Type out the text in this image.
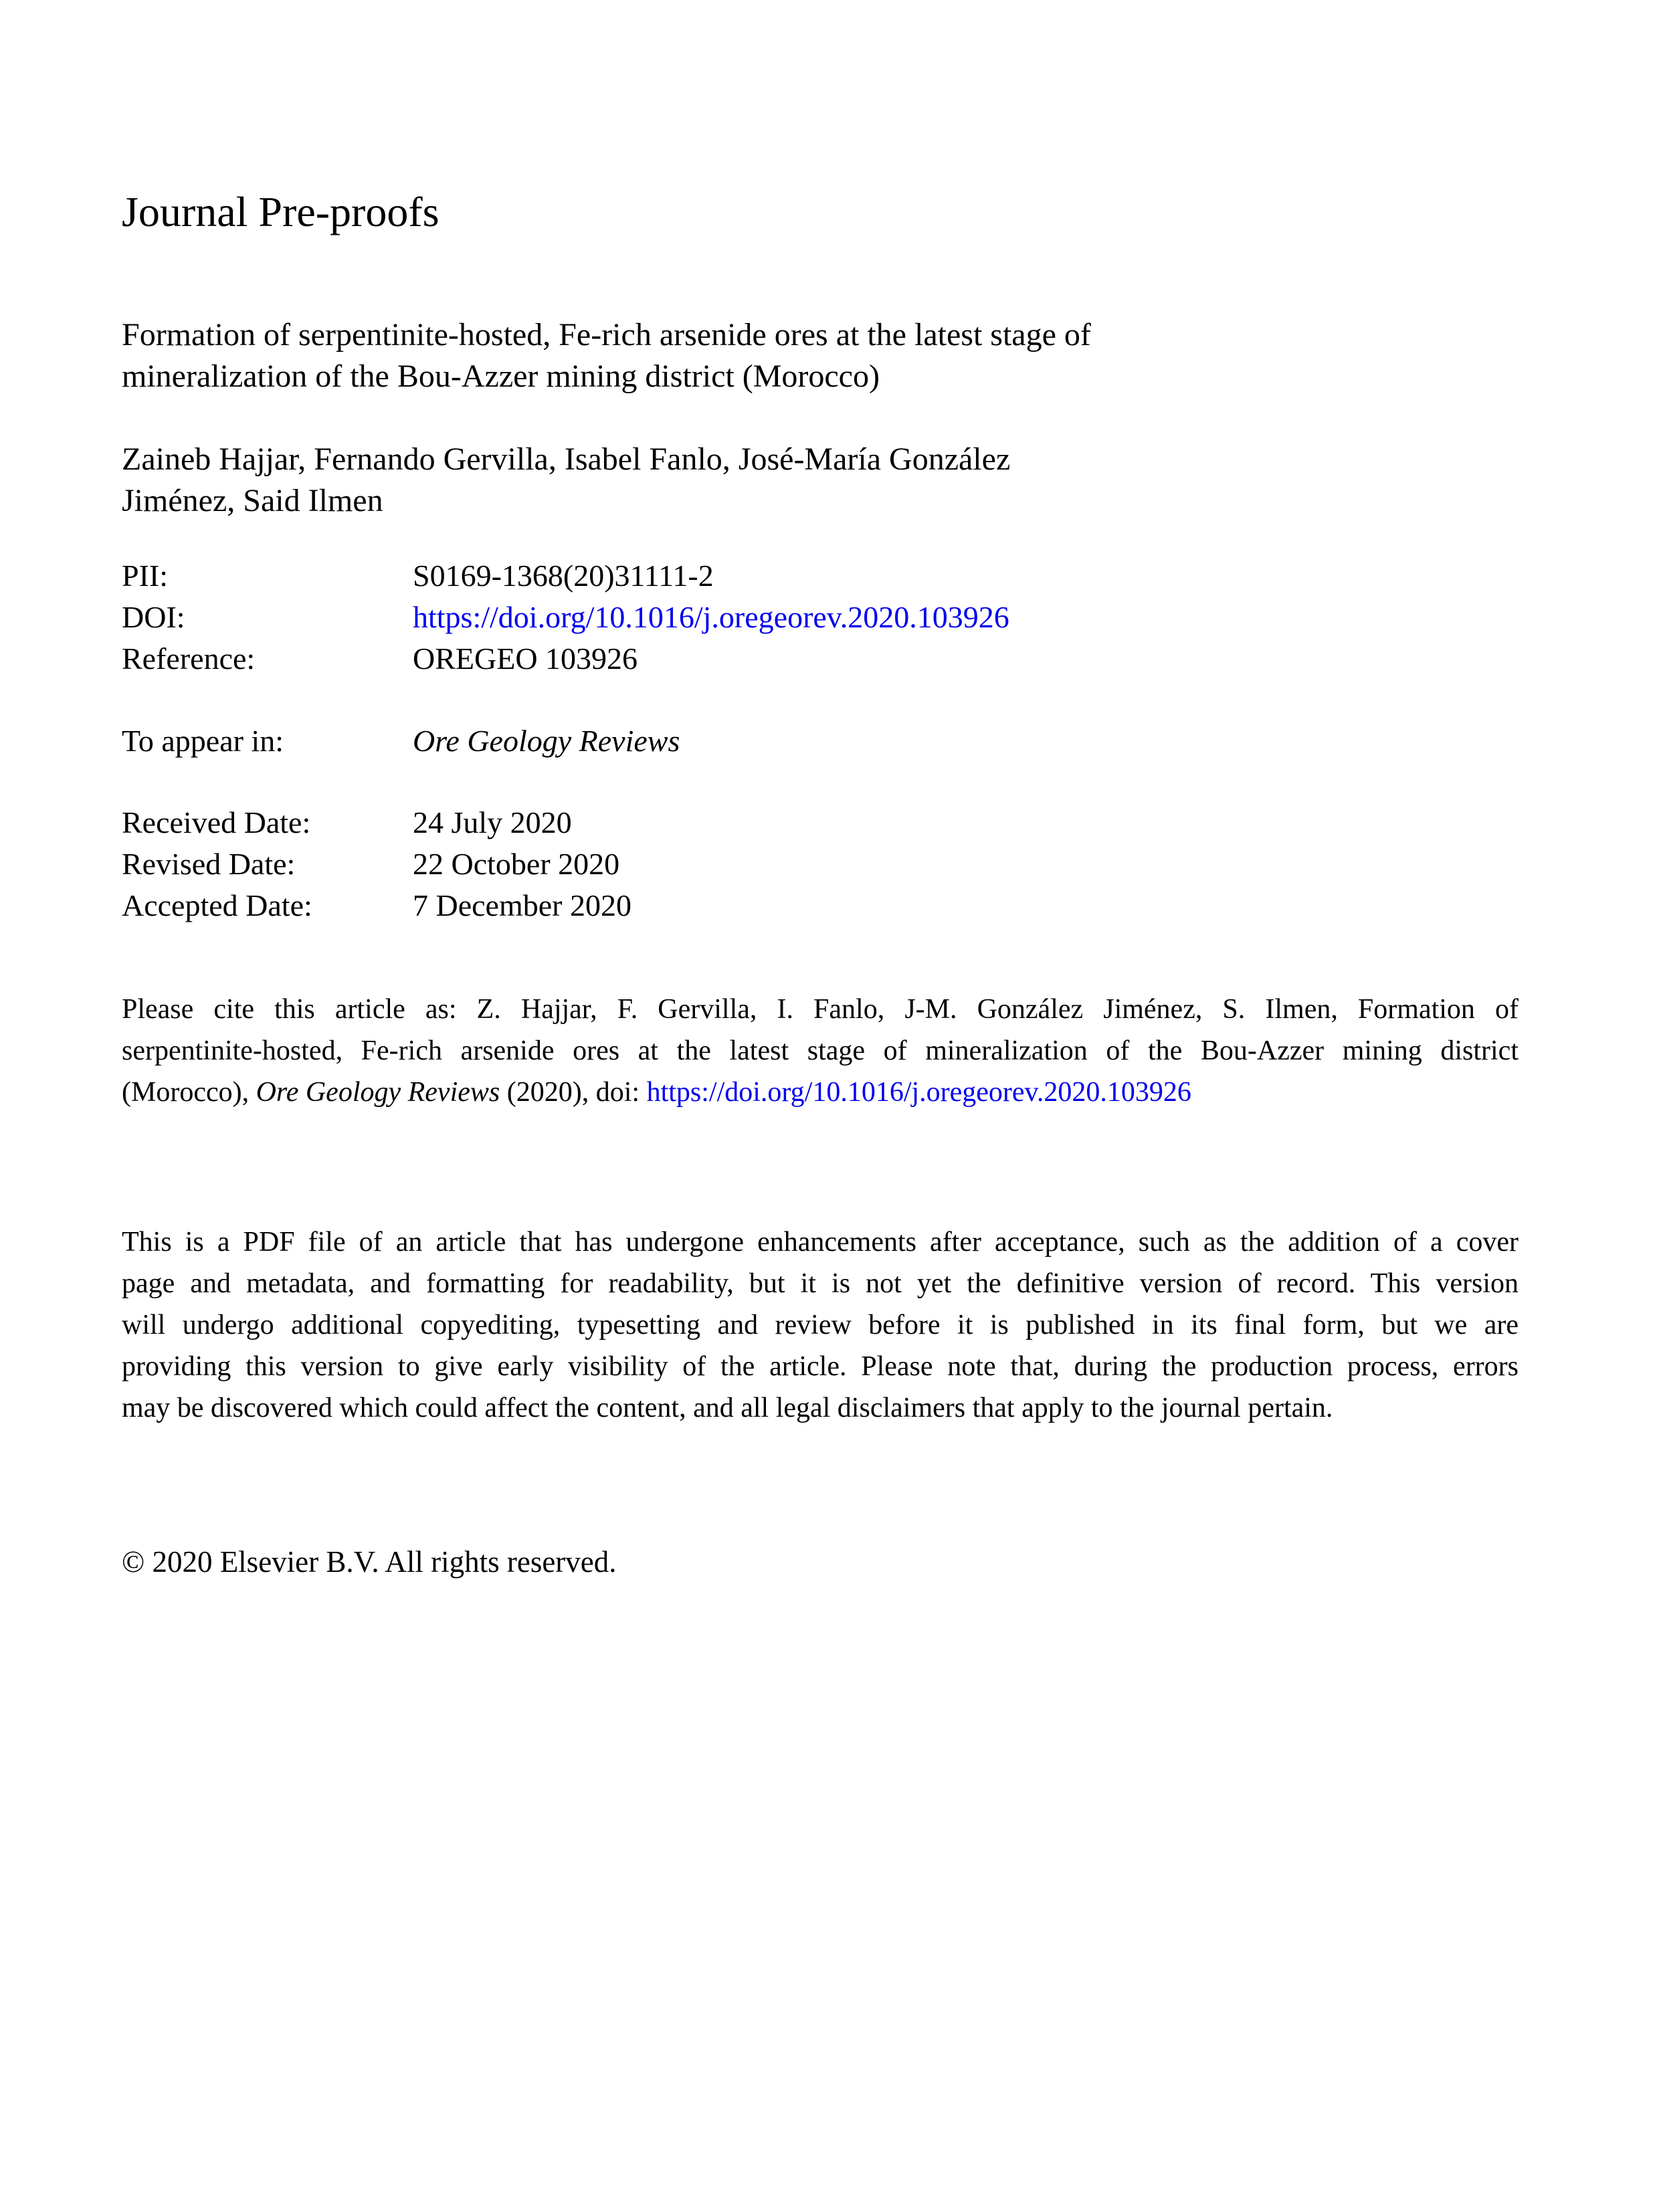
Journal Pre-proofs
Formation of serpentinite-hosted, Fe-rich arsenide ores at the latest stage of
mineralization of the Bou-Azzer mining district (Morocco)
Zaineb Hajjar, Fernando Gervilla, Isabel Fanlo, José-María González
Jiménez, Said Ilmen
PII:	S0169-1368(20)31111-2
DOI:	https://doi.org/10.1016/j.oregeorev.2020.103926
Reference:	OREGEO 103926
To appear in:	Ore Geology Reviews
Received Date:	24 July 2020
Revised Date:	22 October 2020
Accepted Date:	7 December 2020
Please cite this article as: Z. Hajjar, F. Gervilla, I. Fanlo, J-M. González Jiménez, S. Ilmen, Formation of
serpentinite-hosted, Fe-rich arsenide ores at the latest stage of mineralization of the Bou-Azzer mining district
(Morocco), Ore Geology Reviews (2020), doi: https://doi.org/10.1016/j.oregeorev.2020.103926
This is a PDF file of an article that has undergone enhancements after acceptance, such as the addition of a cover
page and metadata, and formatting for readability, but it is not yet the definitive version of record. This version
will undergo additional copyediting, typesetting and review before it is published in its final form, but we are
providing this version to give early visibility of the article. Please note that, during the production process, errors
may be discovered which could affect the content, and all legal disclaimers that apply to the journal pertain.
© 2020 Elsevier B.V. All rights reserved.
